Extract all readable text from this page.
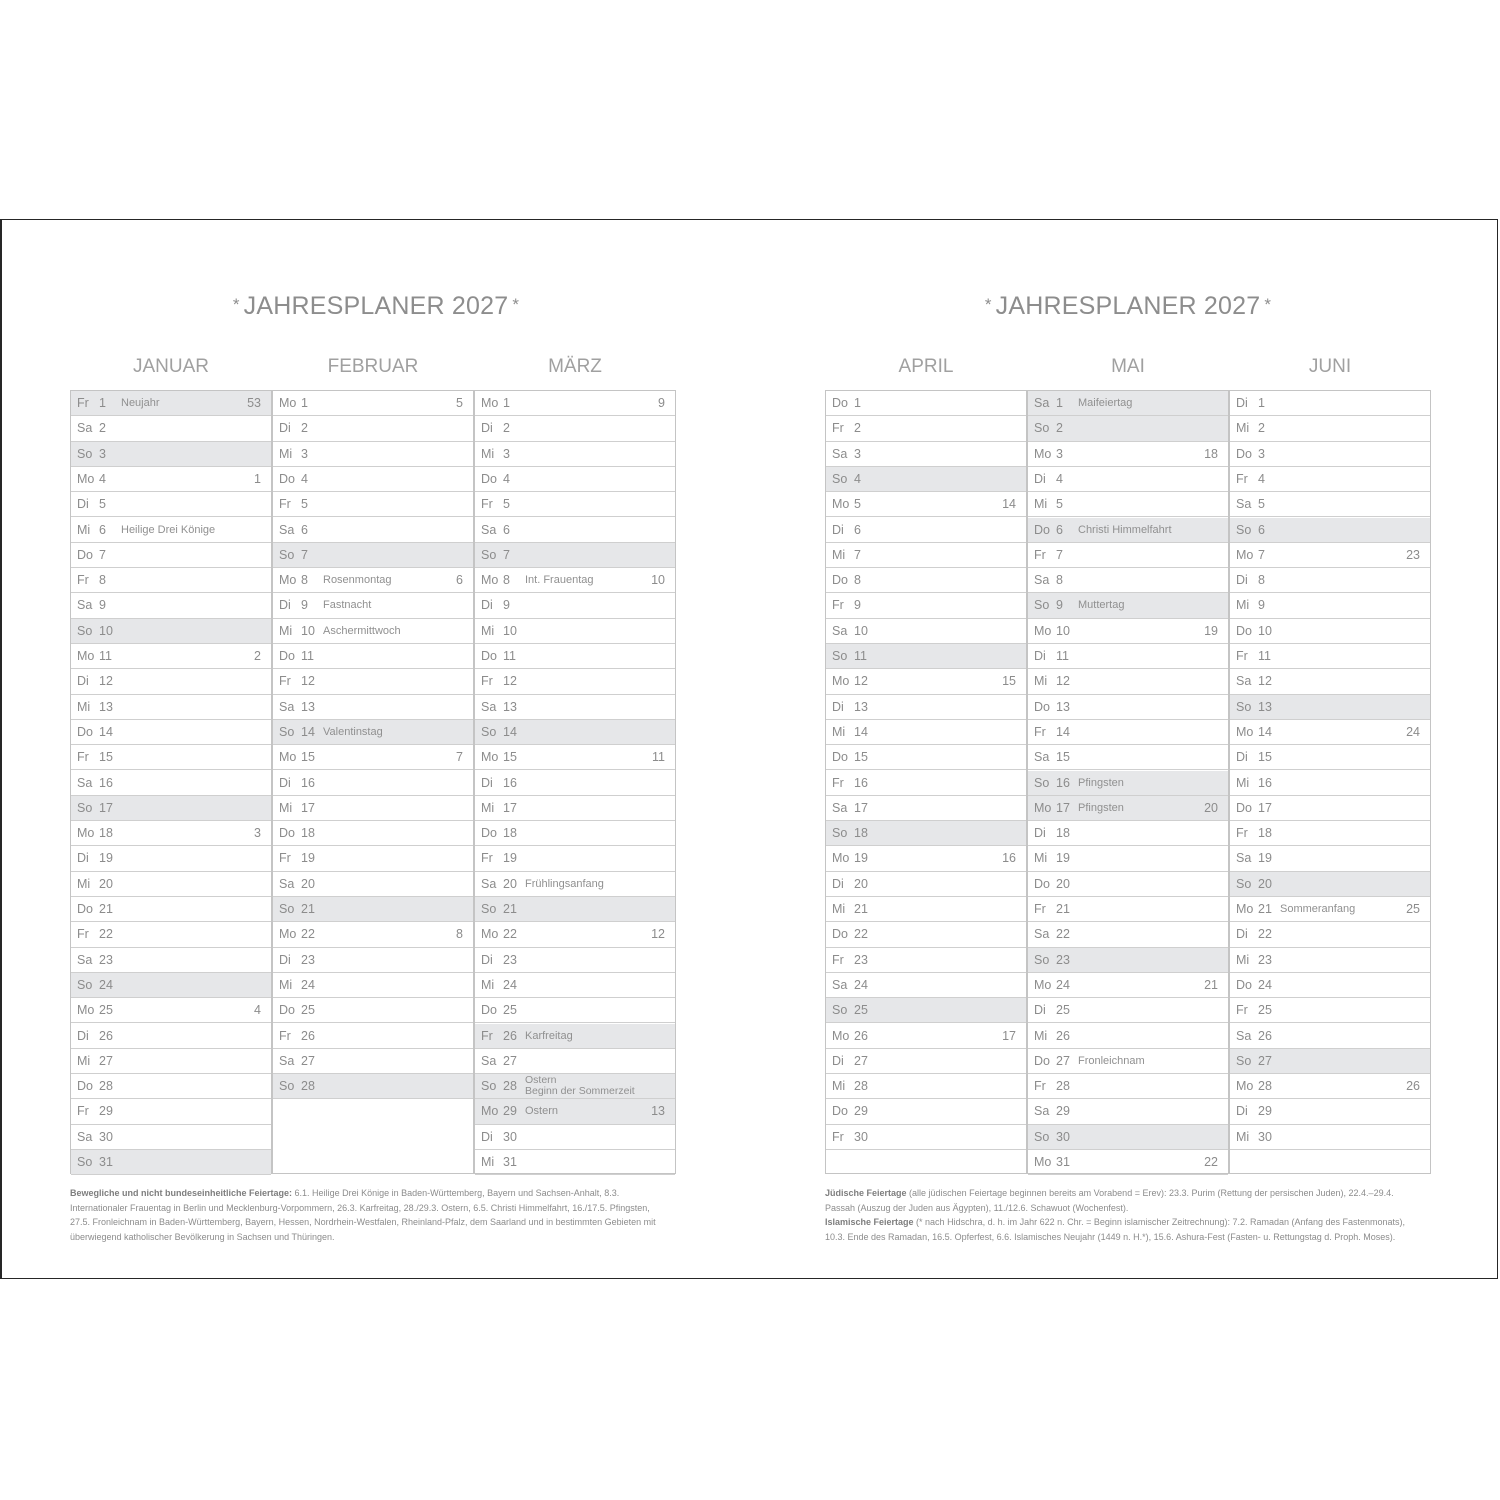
* JAHRESPLANER 2027 *
JANUAR
Fr 1 Neujahr	53
Sa 2
So 3
Mo 4	1
Di 5
Mi 6 Heilige Drei Könige
Do 7
Fr 8
Sa 9
So 10
Mo 11	2
Di 12
Mi 13
Do 14
Fr 15
Sa 16
So 17
Mo 18	3
Di 19
Mi 20
Do 21
Fr 22
Sa 23
So 24
Mo 25	4
Di 26
Mi 27
Do 28
Fr 29
Sa 30
So 31
FEBRUAR
Mo 1	5
Di 2
Mi 3
Do 4
Fr 5
Sa 6
So 7
Mo 8 Rosenmontag	6
Di 9 Fastnacht
Mi 10 Aschermittwoch
Do 11
Fr 12
Sa 13
So 14 Valentinstag
Mo 15	7
Di 16
Mi 17
Do 18
Fr 19
Sa 20
So 21
Mo 22	8
Di 23
Mi 24
Do 25
Fr 26
Sa 27
So 28
MÄRZ
Mo 1	9
Di 2
Mi 3
Do 4
Fr 5
Sa 6
So 7
Mo 8 Int. Frauentag	10
Di 9
Mi 10
Do 11
Fr 12
Sa 13
So 14
Mo 15	11
Di 16
Mi 17
Do 18
Fr 19
Sa 20 Frühlingsanfang
So 21
Mo 22	12
Di 23
Mi 24
Do 25
Fr 26 Karfreitag
Sa 27
So 28 Ostern
Beginn der Sommerzeit
Mo 29 Ostern	13
Di 30
Mi 31
Bewegliche und nicht bundeseinheitliche Feiertage: 6.1. Heilige Drei Könige in Baden-Württemberg, Bayern und Sachsen-Anhalt, 8.3. Internationaler Frauentag in Berlin und Mecklenburg-Vorpommern, 26.3. Karfreitag, 28./29.3. Ostern, 6.5. Christi Himmelfahrt, 16./17.5. Pfingsten, 27.5. Fronleichnam in Baden-Württemberg, Bayern, Hessen, Nordrhein-Westfalen, Rheinland-Pfalz, dem Saarland und in bestimmten Gebieten mit überwiegend katholischer Bevölkerung in Sachsen und Thüringen.
* JAHRESPLANER 2027 *
APRIL
Do 1
Fr 2
Sa 3
So 4
Mo 5	14
Di 6
Mi 7
Do 8
Fr 9
Sa 10
So 11
Mo 12	15
Di 13
Mi 14
Do 15
Fr 16
Sa 17
So 18
Mo 19	16
Di 20
Mi 21
Do 22
Fr 23
Sa 24
So 25
Mo 26	17
Di 27
Mi 28
Do 29
Fr 30
MAI
Sa 1 Maifeiertag
So 2
Mo 3	18
Di 4
Mi 5
Do 6 Christi Himmelfahrt
Fr 7
Sa 8
So 9 Muttertag
Mo 10	19
Di 11
Mi 12
Do 13
Fr 14
Sa 15
So 16 Pfingsten
Mo 17 Pfingsten	20
Di 18
Mi 19
Do 20
Fr 21
Sa 22
So 23
Mo 24	21
Di 25
Mi 26
Do 27 Fronleichnam
Fr 28
Sa 29
So 30
Mo 31	22
JUNI
Di 1
Mi 2
Do 3
Fr 4
Sa 5
So 6
Mo 7	23
Di 8
Mi 9
Do 10
Fr 11
Sa 12
So 13
Mo 14	24
Di 15
Mi 16
Do 17
Fr 18
Sa 19
So 20
Mo 21 Sommeranfang	25
Di 22
Mi 23
Do 24
Fr 25
Sa 26
So 27
Mo 28	26
Di 29
Mi 30
Jüdische Feiertage (alle jüdischen Feiertage beginnen bereits am Vorabend = Erev): 23.3. Purim (Rettung der persischen Juden), 22.4.–29.4. Passah (Auszug der Juden aus Ägypten), 11./12.6. Schawuot (Wochenfest).
Islamische Feiertage (* nach Hidschra, d. h. im Jahr 622 n. Chr. = Beginn islamischer Zeitrechnung): 7.2. Ramadan (Anfang des Fastenmonats), 10.3. Ende des Ramadan, 16.5. Opferfest, 6.6. Islamisches Neujahr (1449 n. H.*), 15.6. Ashura-Fest (Fasten- u. Rettungstag d. Proph. Moses).
